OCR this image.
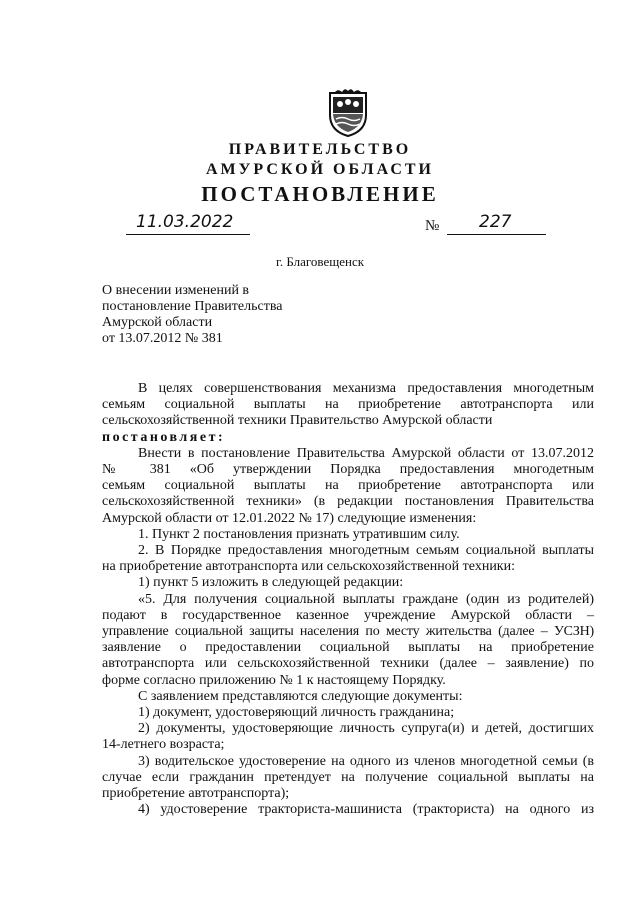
ПРАВИТЕЛЬСТВО
АМУРСКОЙ ОБЛАСТИ
ПОСТАНОВЛЕНИЕ
11.03.2022	№ 227
г. Благовещенск
О внесении изменений в
постановление Правительства
Амурской области
от 13.07.2012 № 381

В целях совершенствования механизма предоставления многодетным

семьям социальной выплаты на приобретение автотранспорта или

сельскохозяйственной техники Правительство Амурской области

постановляет:

Внести в постановление Правительства Амурской области от 13.07.2012

№ 381 «Об утверждении Порядка предоставления многодетным

семьям социальной выплаты на приобретение автотранспорта или

сельскохозяйственной техники» (в редакции постановления Правительства

Амурской области от 12.01.2022 № 17) следующие изменения:

1. Пункт 2 постановления признать утратившим силу.

2. В Порядке предоставления многодетным семьям социальной выплаты

на приобретение автотранспорта или сельскохозяйственной техники:

1) пункт 5 изложить в следующей редакции:

«5. Для получения социальной выплаты граждане (один из родителей)

подают в государственное казенное учреждение Амурской области –

управление социальной защиты населения по месту жительства (далее – УСЗН)

заявление о предоставлении социальной выплаты на приобретение

автотранспорта или сельскохозяйственной техники (далее – заявление) по

форме согласно приложению № 1 к настоящему Порядку.

С заявлением представляются следующие документы:

1) документ, удостоверяющий личность гражданина;

2) документы, удостоверяющие личность супруга(и) и детей, достигших

14-летнего возраста;

3) водительское удостоверение на одного из членов многодетной семьи (в

случае если гражданин претендует на получение социальной выплаты на

приобретение автотранспорта);

4) удостоверение тракториста-машиниста (тракториста) на одного из
